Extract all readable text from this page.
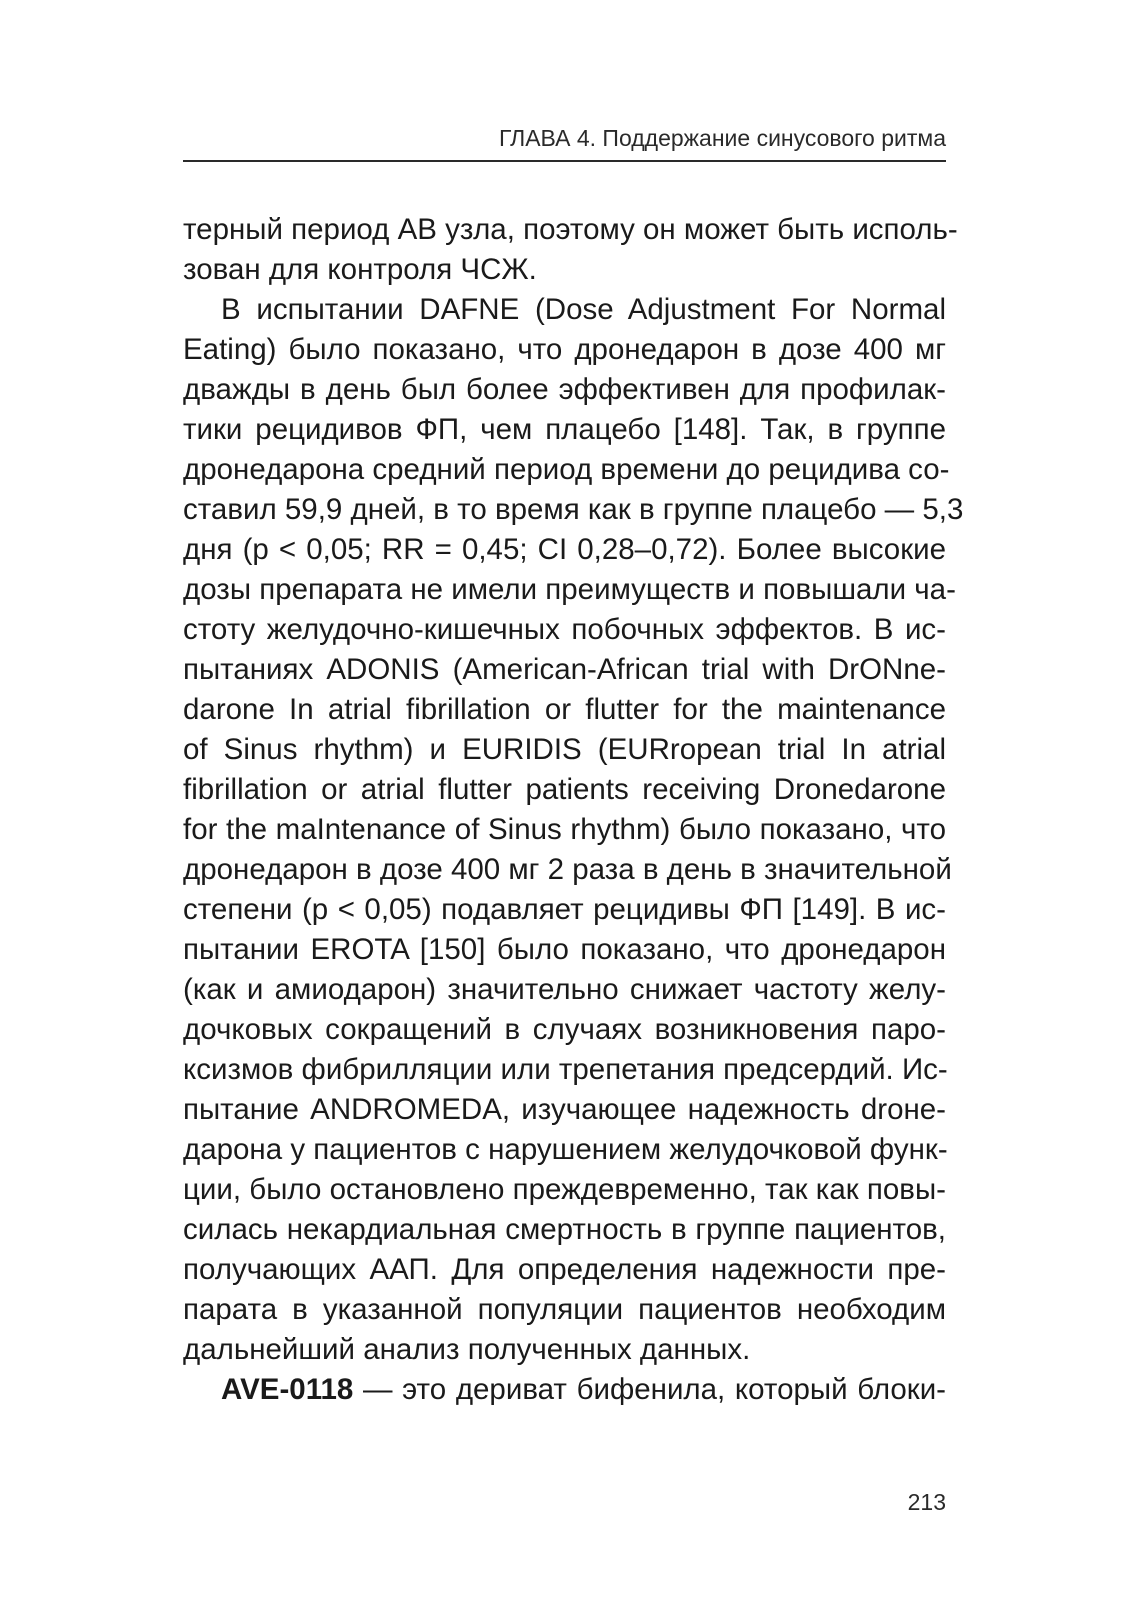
ГЛАВА 4. Поддержание синусового ритма
терный период АВ узла, поэтому он может быть исполь-
зован для контроля ЧСЖ.
В испытании DAFNE (Dose Adjustment For Normal
Eating) было показано, что дронедарон в дозе 400 мг
дважды в день был более эффективен для профилак-
тики рецидивов ФП, чем плацебо [148]. Так, в группе
дронедарона средний период времени до рецидива со-
ставил 59,9 дней, в то время как в группе плацебо — 5,3
дня (p < 0,05; RR = 0,45; CI 0,28–0,72). Более высокие
дозы препарата не имели преимуществ и повышали ча-
стоту желудочно-кишечных побочных эффектов. В ис-
пытаниях ADONIS (American-African trial with DrONne-
darone In atrial fibrillation or flutter for the maintenance
of Sinus rhythm) и EURIDIS (EURropean trial In atrial
fibrillation or atrial flutter patients receiving Dronedarone
for the maIntenance of Sinus rhythm) было показано, что
дронедарон в дозе 400 мг 2 раза в день в значительной
степени (p < 0,05) подавляет рецидивы ФП [149]. В ис-
пытании EROTA [150] было показано, что дронедарон
(как и амиодарон) значительно снижает частоту желу-
дочковых сокращений в случаях возникновения паро-
ксизмов фибрилляции или трепетания предсердий. Ис-
пытание ANDROMEDA, изучающее надежность droне-
дарона у пациентов с нарушением желудочковой функ-
ции, было остановлено преждевременно, так как повы-
силась некардиальная смертность в группе пациентов,
получающих ААП. Для определения надежности пре-
парата в указанной популяции пациентов необходим
дальнейший анализ полученных данных.
AVE-0118 — это дериват бифенила, который блоки-
213
